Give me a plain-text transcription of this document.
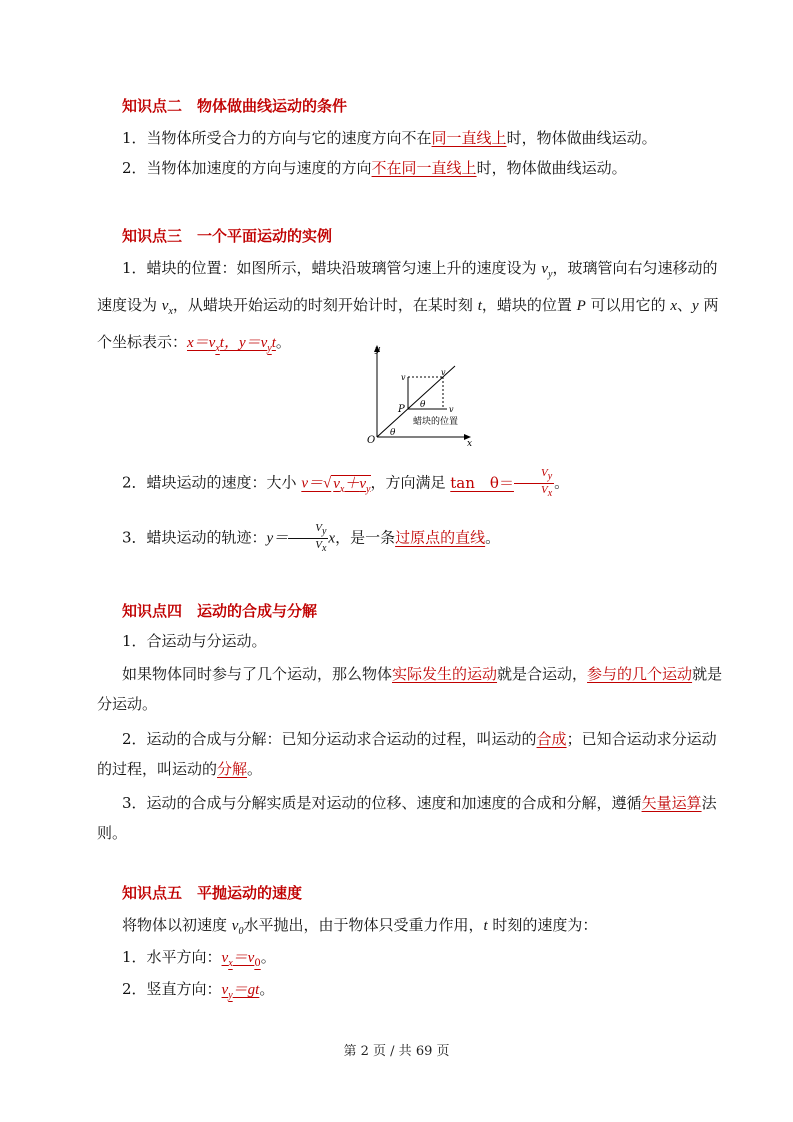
知识点二　物体做曲线运动的条件
1．当物体所受合力的方向与它的速度方向不在同一直线上时，物体做曲线运动。
2．当物体加速度的方向与速度的方向不在同一直线上时，物体做曲线运动。
知识点三　一个平面运动的实例
1．蜡块的位置：如图所示，蜡块沿玻璃管匀速上升的速度设为 $v_y$，玻璃管向右匀速移动的速度设为 $v_x$，从蜡块开始运动的时刻开始计时，在某时刻 t，蜡块的位置 P 可以用它的 x、y 两个坐标表示：$x=v_xt$，$y=v_yt$。	y
x
O
P
v
v
v
θ
θ
蜡块的位置
2．蜡块运动的速度：大小 v＝√ $v_x+v_y$，方向满足 tan　$\theta= \frac{V_y}{V_x}$ 。
3．蜡块运动的轨迹：$y= \frac{V_y}{V_x}$ x，是一条过原点的直线。
知识点四　运动的合成与分解
1．合运动与分运动。
如果物体同时参与了几个运动，那么物体实际发生的运动就是合运动，参与的几个运动就是分运动。
2．运动的合成与分解：已知分运动求合运动的过程，叫运动的合成；已知合运动求分运动的过程，叫运动的分解。
3．运动的合成与分解实质是对运动的位移、速度和加速度的合成和分解，遵循矢量运算法则。
知识点五　平抛运动的速度
将物体以初速度 $v_0$水平抛出，由于物体只受重力作用，t 时刻的速度为：
1．水平方向：$v_x=v_0$。
2．竖直方向：$v_y=gt$。
第 2 页 / 共 69 页
